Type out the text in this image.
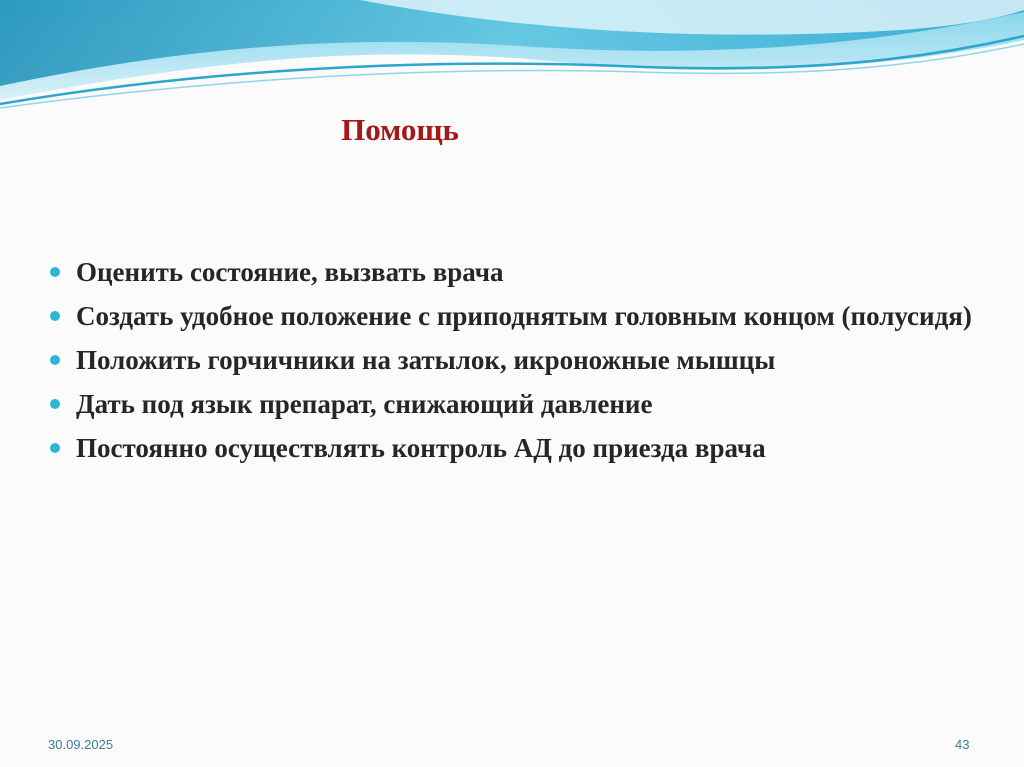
Помощь
Оценить состояние, вызвать врача
Создать удобное положение с приподнятым головным концом (полусидя)
Положить горчичники на затылок, икроножные мышцы
Дать под язык препарат, снижающий давление
Постоянно осуществлять контроль АД до приезда врача
30.09.2025	43
